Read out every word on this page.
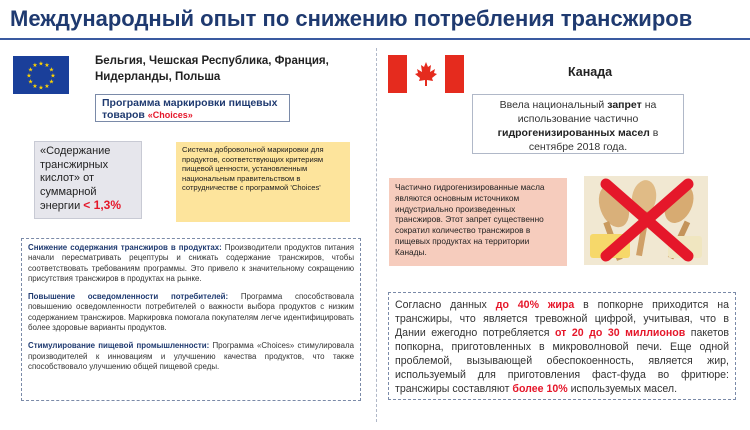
Международный опыт по снижению потребления трансжиров
★ ★
★
★
★
★
★
★
★
★
★
★	Бельгия, Чешская Республика, Франция, Нидерланды, Польша
Программа маркировки пищевых товаров «Choices»
«Содержание трансжирных кислот» от суммарной энергии < 1,3%
Система добровольной маркировки для продуктов, соответствующих критериям пищевой ценности, установленным национальным правительством в сотрудничестве с программой 'Choices'

Снижение содержания трансжиров в продуктах: Производители продуктов питания начали пересматривать рецептуры и снижать содержание трансжиров, чтобы соответствовать требованиям программы. Это привело к значительному сокращению присутствия трансжиров в продуктах на рынке.

Повышение осведомленности потребителей: Программа способствовала повышению осведомленности потребителей о важности выбора продуктов с низким содержанием трансжиров. Маркировка помогала покупателям легче идентифицировать более здоровые варианты продуктов.

Стимулирование пищевой промышленности: Программа «Choices» стимулировала производителей к инновациям и улучшению качества продуктов, что также способствовало улучшению общей пищевой среды.

Канада
Ввела национальный запрет на использование частично гидрогенизированных масел в сентябре 2018 года.
Частично гидрогенизированные масла являются основным источником индустриально произведенных трансжиров. Этот запрет существенно сократил количество трансжиров в пищевых продуктах на территории Канады.
Согласно данных до 40% жира в попкорне приходится на трансжиры, что является тревожной цифрой, учитывая, что в Дании ежегодно потребляется от 20 до 30 миллионов пакетов попкорна, приготовленных в микроволновой печи. Еще одной проблемой, вызывающей обеспокоенность, является жир, используемый для приготовления фаст-фуда во фритюре: трансжиры составляют более 10% используемых масел.
